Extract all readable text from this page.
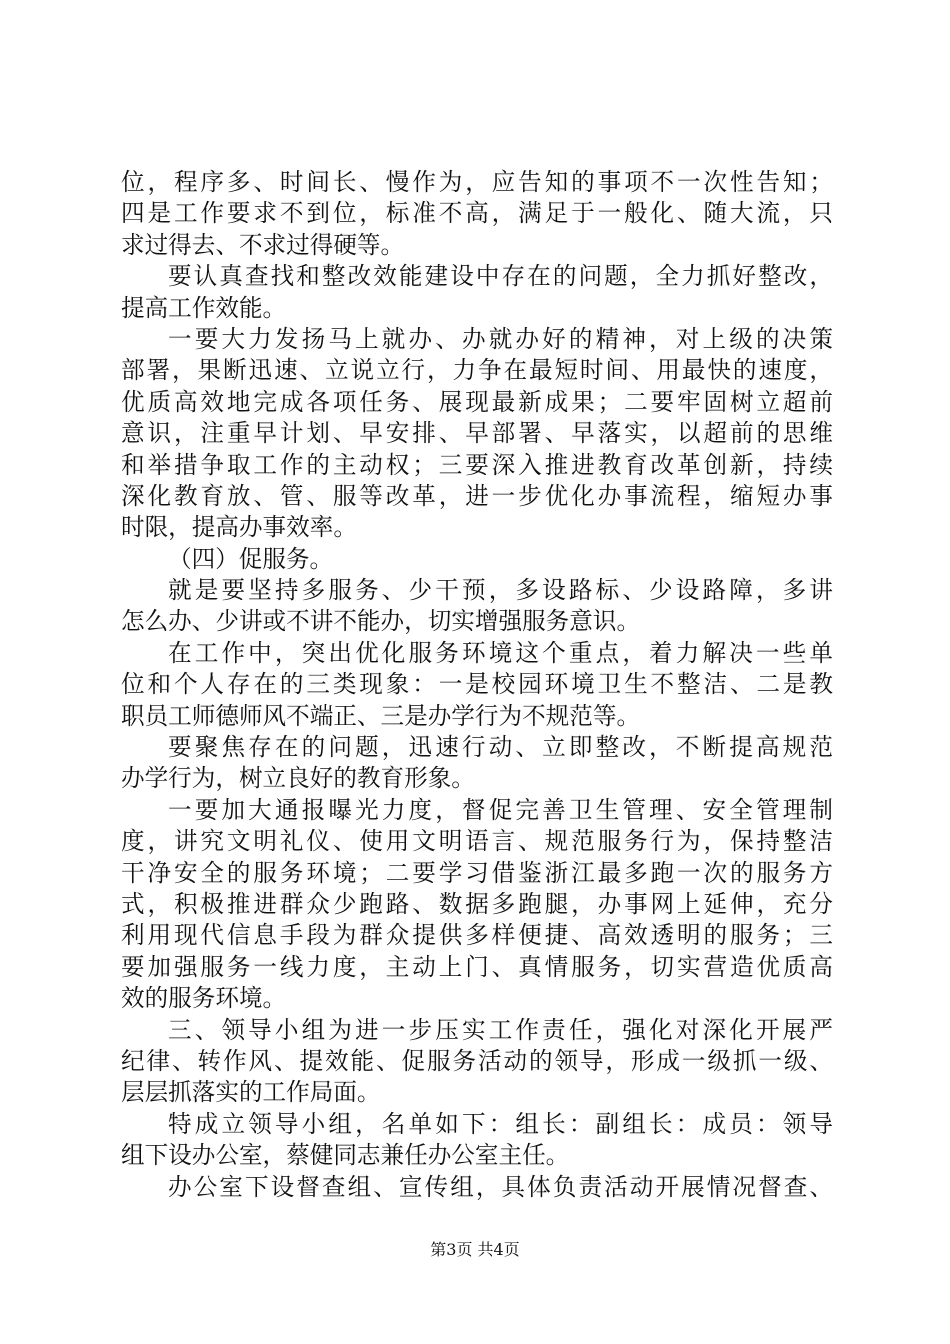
位，程序多、时间长、慢作为，应告知的事项不一次性告知；
四是工作要求不到位，标准不高，满足于一般化、随大流，只
求过得去、不求过得硬等。
要认真查找和整改效能建设中存在的问题，全力抓好整改，
提高工作效能。
一要大力发扬马上就办、办就办好的精神，对上级的决策
部署，果断迅速、立说立行，力争在最短时间、用最快的速度，
优质高效地完成各项任务、展现最新成果；二要牢固树立超前
意识，注重早计划、早安排、早部署、早落实，以超前的思维
和举措争取工作的主动权；三要深入推进教育改革创新，持续
深化教育放、管、服等改革，进一步优化办事流程，缩短办事
时限，提高办事效率。
（四）促服务。
就是要坚持多服务、少干预，多设路标、少设路障，多讲
怎么办、少讲或不讲不能办，切实增强服务意识。
在工作中，突出优化服务环境这个重点，着力解决一些单
位和个人存在的三类现象：一是校园环境卫生不整洁、二是教
职员工师德师风不端正、三是办学行为不规范等。
要聚焦存在的问题，迅速行动、立即整改，不断提高规范
办学行为，树立良好的教育形象。
一要加大通报曝光力度，督促完善卫生管理、安全管理制
度，讲究文明礼仪、使用文明语言、规范服务行为，保持整洁
干净安全的服务环境；二要学习借鉴浙江最多跑一次的服务方
式，积极推进群众少跑路、数据多跑腿，办事网上延伸，充分
利用现代信息手段为群众提供多样便捷、高效透明的服务；三
要加强服务一线力度，主动上门、真情服务，切实营造优质高
效的服务环境。
三、领导小组为进一步压实工作责任，强化对深化开展严
纪律、转作风、提效能、促服务活动的领导，形成一级抓一级、
层层抓落实的工作局面。
特成立领导小组，名单如下：组长：副组长：成员：领导
组下设办公室，蔡健同志兼任办公室主任。
办公室下设督查组、宣传组，具体负责活动开展情况督查、
第3页 共4页
